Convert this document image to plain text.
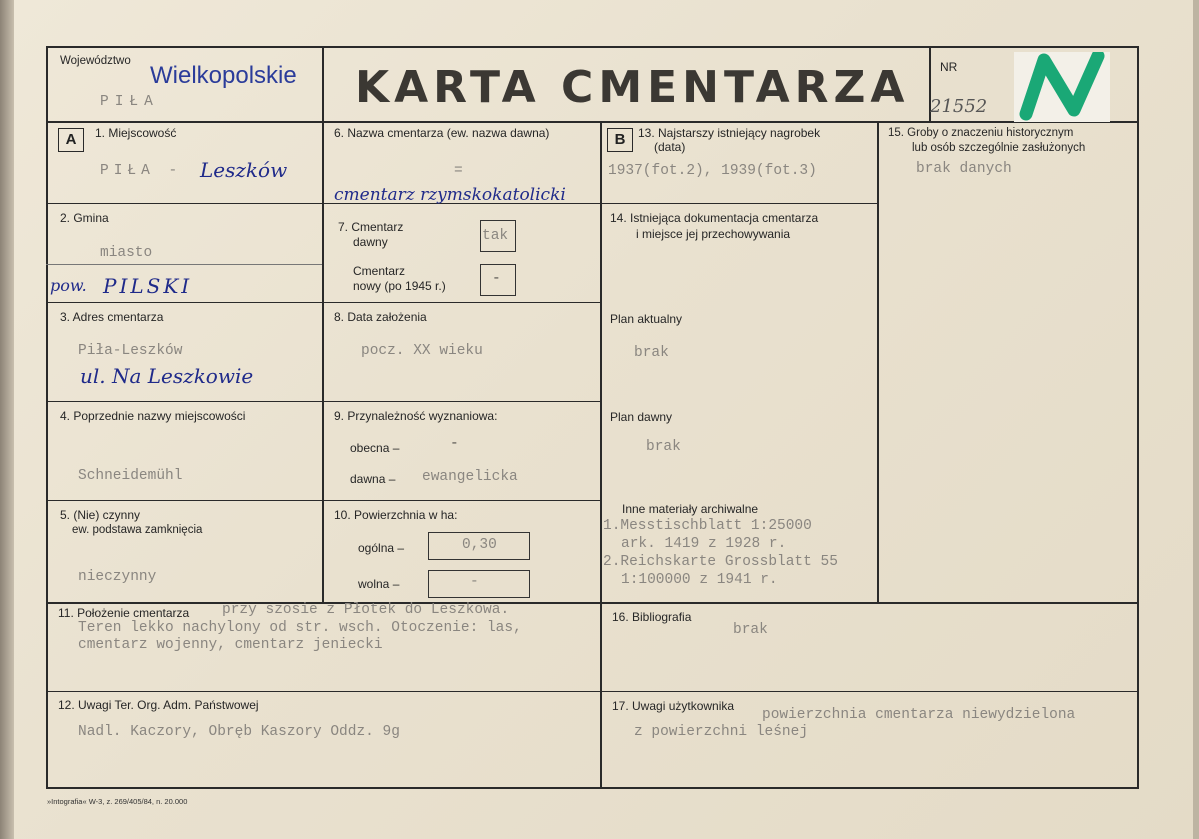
Województwo
Wielkopolskie
PIŁA	KARTA CMENTARZA	NR
21552
A	B
1. Miejscowość
PIŁA - Leszków
2. Gmina
miasto
pow. PILSKI
3. Adres cmentarza
Piła-Leszków
ul. Na Leszkowie
4. Poprzednie nazwy miejscowości
Schneidemühl
5. (Nie) czynny
ew. podstawa zamknięcia
nieczynny
6. Nazwa cmentarza (ew. nazwa dawna)
=
cmentarz rzymskokatolicki
7. Cmentarz
dawny	tak
Cmentarz
nowy (po 1945 r.)	-
8. Data założenia
pocz. XX wieku
9. Przynależność wyznaniowa:
obecna –	-
dawna – ewangelicka
10. Powierzchnia w ha:
ogólna –	0,30
wolna –	-
13. Najstarszy istniejący nagrobek
(data)
1937(fot.2), 1939(fot.3)
14. Istniejąca dokumentacja cmentarza
i miejsce jej przechowywania
Plan aktualny
brak
Plan dawny
brak
Inne materiały archiwalne
1.Messtischblatt 1:25000
ark. 1419 z 1928 r.
2.Reichskarte Grossblatt 55
1:100000 z 1941 r.
15. Groby o znaczeniu historycznym
lub osób szczególnie zasłużonych
brak danych
11. Położenie cmentarza przy szosie z Płotek do Leszkowa.
Teren lekko nachylony od str. wsch. Otoczenie: las,
cmentarz wojenny, cmentarz jeniecki
16. Bibliografia
brak
12. Uwagi Ter. Org. Adm. Państwowej
Nadl. Kaczory, Obręb Kaszory Oddz. 9g
17. Uwagi użytkownika
powierzchnia cmentarza niewydzielona
z powierzchni leśnej
»Intografia« W-3, z. 269/405/84, n. 20.000
